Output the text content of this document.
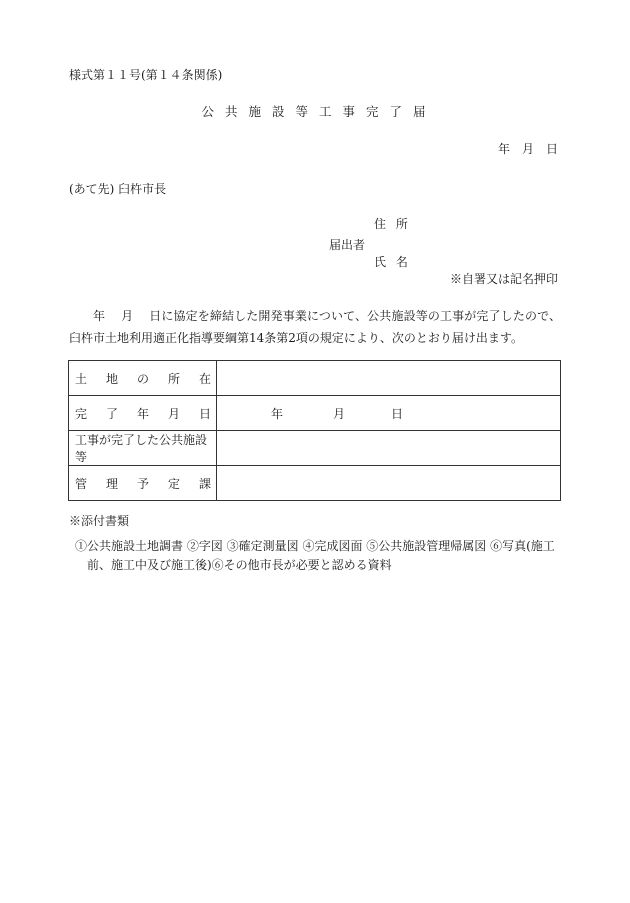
様式第１１号(第１４条関係)
公共施設等工事完了届
年　月　日
(あて先) 臼杵市長
住 所
届出者
氏 名
※自署又は記名押印
年 月 日に協定を締結した開発事業について、公共施設等の工事が完了したので、臼杵市土地利用適正化指導要綱第14条第2項の規定により、次のとおり届け出ます。
土 地 の 所 在	

完 了 年 月 日	年 月 日

工事が完了した公共施設等	

管 理 予 定 課	

※添付書類
①公共施設土地調書 ②字図 ③確定測量図 ④完成図面 ⑤公共施設管理帰属図 ⑥写真(施工前、施工中及び施工後)⑥その他市長が必要と認める資料
